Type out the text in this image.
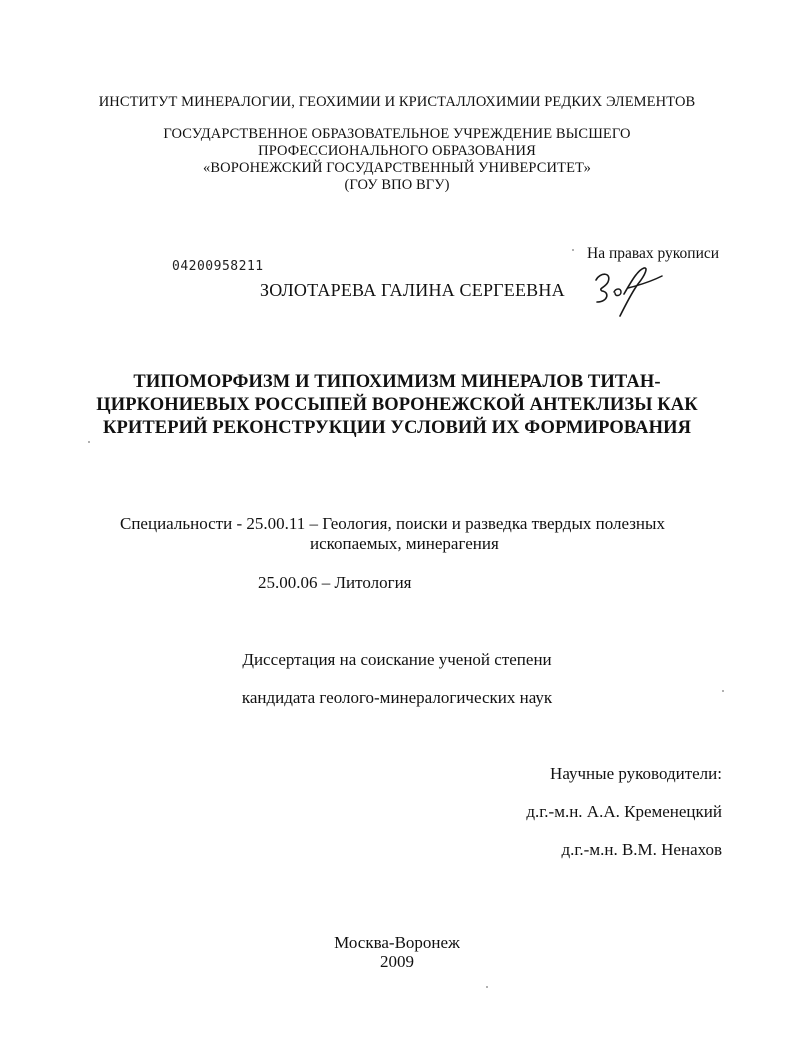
ИНСТИТУТ МИНЕРАЛОГИИ, ГЕОХИМИИ И КРИСТАЛЛОХИМИИ РЕДКИХ ЭЛЕМЕНТОВ
ГОСУДАРСТВЕННОЕ ОБРАЗОВАТЕЛЬНОЕ УЧРЕЖДЕНИЕ ВЫСШЕГО
ПРОФЕССИОНАЛЬНОГО ОБРАЗОВАНИЯ
«ВОРОНЕЖСКИЙ ГОСУДАРСТВЕННЫЙ УНИВЕРСИТЕТ»
(ГОУ ВПО ВГУ)
На правах рукописи
04200958211
ЗОЛОТАРЕВА ГАЛИНА СЕРГЕЕВНА
ТИПОМОРФИЗМ И ТИПОХИМИЗМ МИНЕРАЛОВ ТИТАН-
ЦИРКОНИЕВЫХ РОССЫПЕЙ ВОРОНЕЖСКОЙ АНТЕКЛИЗЫ КАК
КРИТЕРИЙ РЕКОНСТРУКЦИИ УСЛОВИЙ ИХ ФОРМИРОВАНИЯ
Специальности - 25.00.11 – Геология, поиски и разведка твердых полезных
ископаемых, минерагения
25.00.06 – Литология
Диссертация на соискание ученой степени
кандидата геолого-минералогических наук
Научные руководители:
д.г.-м.н. А.А. Кременецкий
д.г.-м.н. В.М. Ненахов
Москва-Воронеж
2009
